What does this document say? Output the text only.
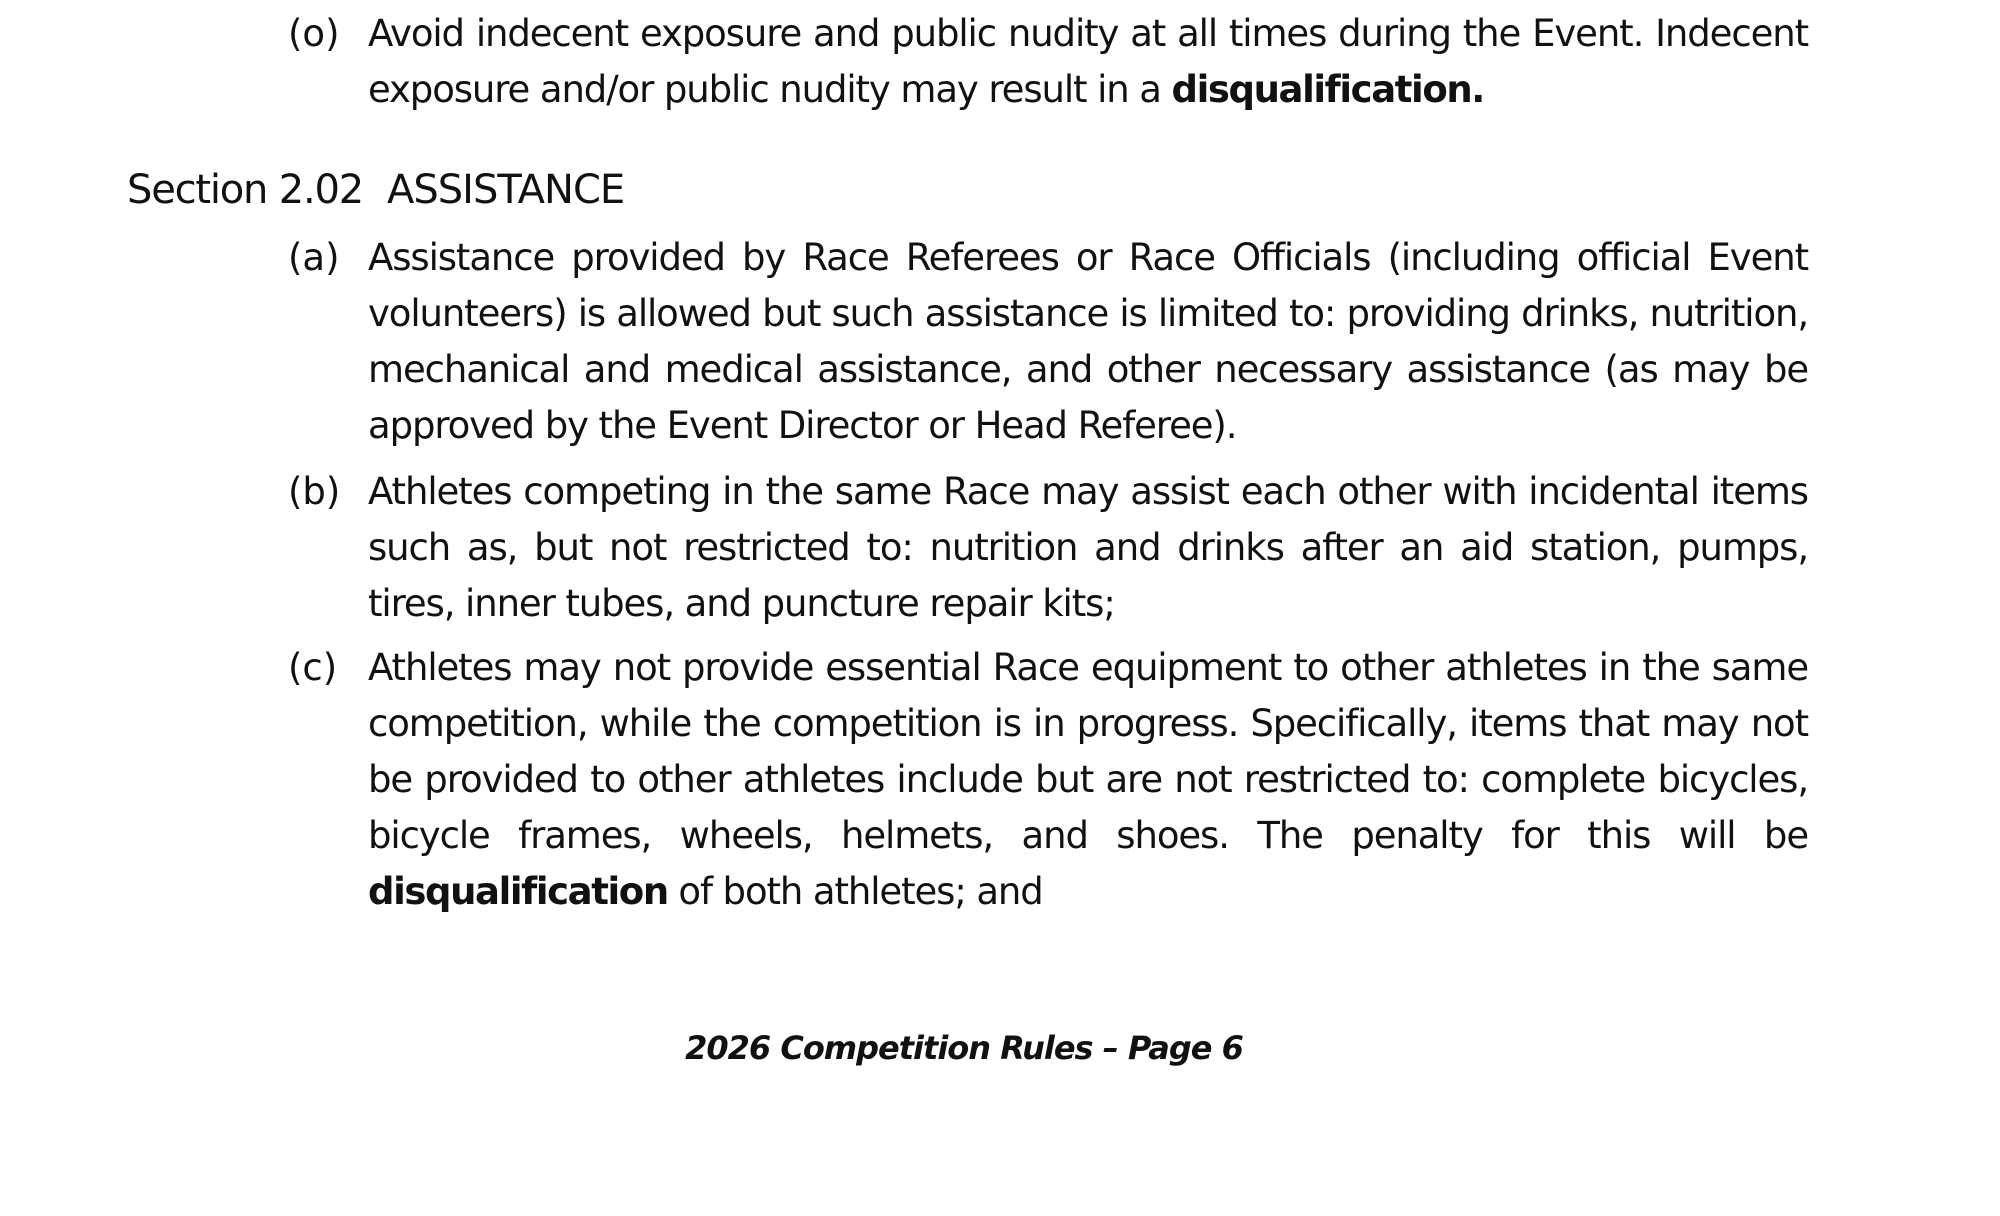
(o) Avoid indecent exposure and public nudity at all times during the Event. Indecent exposure and/or public nudity may result in a disqualification.
Section 2.02 ASSISTANCE
(a) Assistance provided by Race Referees or Race Officials (including official Event volunteers) is allowed but such assistance is limited to: providing drinks, nutrition, mechanical and medical assistance, and other necessary assistance (as may be approved by the Event Director or Head Referee).
(b) Athletes competing in the same Race may assist each other with incidental items such as, but not restricted to: nutrition and drinks after an aid station, pumps, tires, inner tubes, and puncture repair kits;
(c) Athletes may not provide essential Race equipment to other athletes in the same competition, while the competition is in progress. Specifically, items that may not be provided to other athletes include but are not restricted to: complete bicycles, bicycle frames, wheels, helmets, and shoes. The penalty for this will be disqualification of both athletes; and
2026 Competition Rules – Page 6
